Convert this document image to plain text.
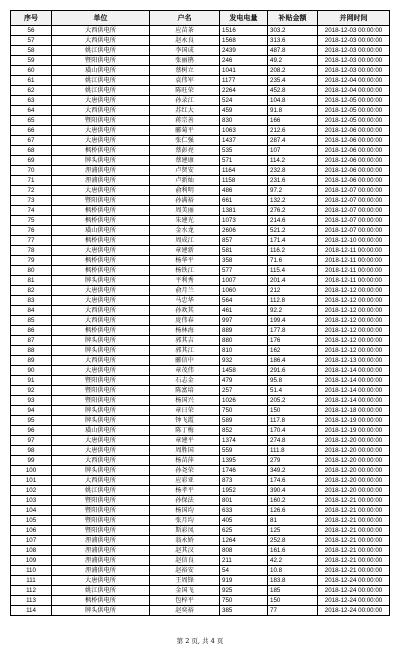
序号	单位	户名	发电电量	补贴金额	并网时间
56	大西供电所	应苗茶	1516	303.2	2018-12-03 00:00:00
57	大西供电所	赵永良	1568	313.6	2018-12-03 00:00:00
58	姚江供电所	李国成	2439	487.8	2018-12-03 00:00:00
59	暨阳供电所	张丽鹃	246	49.2	2018-12-03 00:00:00
60	璜山供电所	蔡树立	1041	208.2	2018-12-03 00:00:00
61	姚江供电所	袁伟军	1177	235.4	2018-12-04 00:00:00
62	姚江供电所	陈旺荣	2264	452.8	2018-12-04 00:00:00
63	大唐供电所	孙录江	524	104.8	2018-12-05 00:00:00
64	大西供电所	苏红大	459	91.8	2018-12-05 00:00:00
65	暨阳供电所	蒋宗善	830	166	2018-12-05 00:00:00
66	大唐供电所	郦菊平	1063	212.6	2018-12-06 00:00:00
67	大唐供电所	张仁强	1437	287.4	2018-12-06 00:00:00
68	枫桥供电所	蔡彭亮	535	107	2018-12-06 00:00:00
69	牌头供电所	蔡建康	571	114.2	2018-12-06 00:00:00
70	浬浦供电所	卢贤安	1164	232.8	2018-12-06 00:00:00
71	浬浦供电所	卢新灿	1158	231.6	2018-12-06 00:00:00
72	大唐供电所	俞利明	486	97.2	2018-12-07 00:00:00
73	暨阳供电所	孙满裕	661	132.2	2018-12-07 00:00:00
74	枫桥供电所	周美丽	1381	276.2	2018-12-07 00:00:00
75	枫桥供电所	朱建光	1073	214.6	2018-12-07 00:00:00
76	璜山供电所	金水龙	2606	521.2	2018-12-07 00:00:00
77	枫桥供电所	周成江	857	171.4	2018-12-10 00:00:00
78	大唐供电所	章建新	581	116.2	2018-12-11 00:00:00
79	枫桥供电所	杨华平	358	71.6	2018-12-11 00:00:00
80	枫桥供电所	杨铁江	577	115.4	2018-12-11 00:00:00
81	牌头供电所	平利秀	1007	201.4	2018-12-11 00:00:00
82	大唐供电所	俞月兰	1060	212	2018-12-12 00:00:00
83	大唐供电所	马忠华	564	112.8	2018-12-12 00:00:00
84	大西供电所	孙欢其	461	92.2	2018-12-12 00:00:00
85	大西供电所	庞伟春	997	199.4	2018-12-12 00:00:00
86	枫桥供电所	杨林海	889	177.8	2018-12-12 00:00:00
87	牌头供电所	郭其吉	880	176	2018-12-12 00:00:00
88	牌头供电所	郭其江	810	162	2018-12-12 00:00:00
89	大西供电所	郦信中	932	186.4	2018-12-13 00:00:00
90	大唐供电所	章茂伟	1458	291.6	2018-12-14 00:00:00
91	暨阳供电所	石志金	479	95.8	2018-12-14 00:00:00
92	暨阳供电所	陈富培	257	51.4	2018-12-14 00:00:00
93	暨阳供电所	杨国兴	1026	205.2	2018-12-14 00:00:00
94	牌头供电所	章日荣	750	150	2018-12-18 00:00:00
95	牌头供电所	钟飞霞	589	117.8	2018-12-19 00:00:00
96	璜山供电所	陈丁梅	852	170.4	2018-12-19 00:00:00
97	大唐供电所	章建平	1374	274.8	2018-12-20 00:00:00
98	大唐供电所	周胜国	559	111.8	2018-12-20 00:00:00
99	大西供电所	杨苗萍	1395	279	2018-12-20 00:00:00
100	牌头供电所	孙尧荣	1746	349.2	2018-12-20 00:00:00
101	大西供电所	应彩亚	873	174.6	2018-12-20 00:00:00
102	姚江供电所	杨孝平	1952	390.4	2018-12-20 00:00:00
103	暨阳供电所	孙保法	801	160.2	2018-12-21 00:00:00
104	暨阳供电所	杨国均	633	126.6	2018-12-21 00:00:00
105	暨阳供电所	张月均	405	81	2018-12-21 00:00:00
106	暨阳供电所	斯彩凤	625	125	2018-12-21 00:00:00
107	浬浦供电所	翁永娇	1264	252.8	2018-12-21 00:00:00
108	浬浦供电所	赵其汉	808	161.6	2018-12-21 00:00:00
109	浬浦供电所	赵信良	211	42.2	2018-12-21 00:00:00
110	浬浦供电所	赵裕安	54	10.8	2018-12-21 00:00:00
111	大唐供电所	王周锋	919	183.8	2018-12-24 00:00:00
112	姚江供电所	金国飞	925	185	2018-12-24 00:00:00
113	枫桥供电所	包梓平	750	150	2018-12-24 00:00:00
114	牌头供电所	赵奕裕	385	77	2018-12-24 00:00:00
第 2 页, 共 4 页
